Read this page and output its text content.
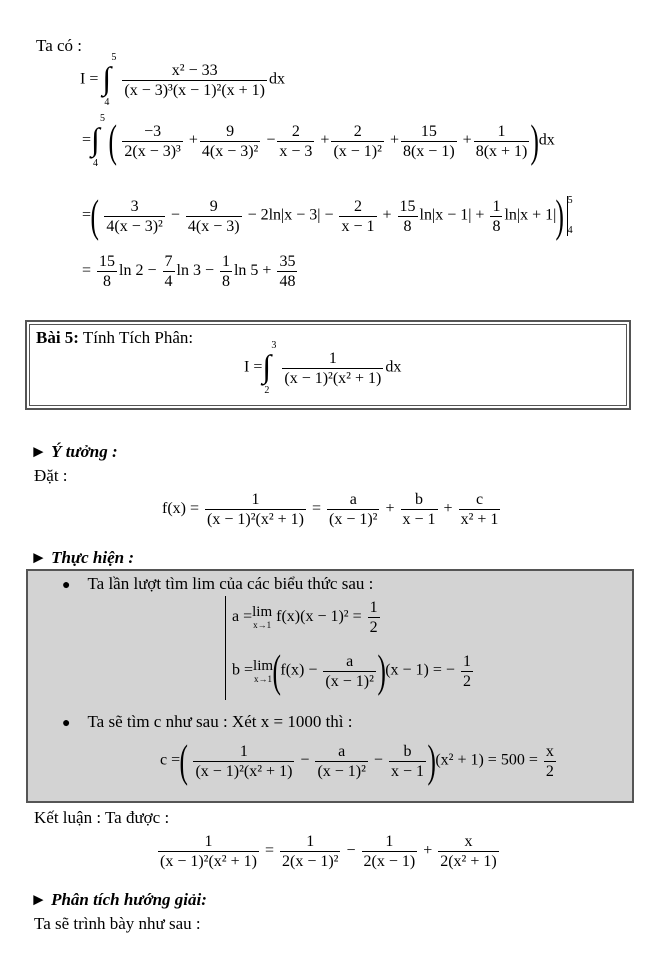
Ta có :
I = ∫
5
4
$\frac{\text{x² − 33}}{\text{(x − 3)³(x − 1)²(x + 1)}}$ dx
= ∫
5
4 ( $\frac{-3}{\text{2(x − 3)³}} + \frac{9}{\text{4(x − 3)²}} - \frac{2}{x - 3} + \frac{2}{\text{(x − 1)²}} + \frac{15}{8(x - 1)} + \frac{1}{8(x + 1)} )dx$
=( $\frac{3}{\text{4(x − 3)²}} - \frac{9}{4(x - 3)} - 2\ln|x - 3| - \frac{2}{x - 1} + \frac{15}{8} \ln|x - 1| + \frac{1}{8} \ln|x + 1|$) 5
4
= $\frac{15}{8}$ $\ln 2 - \frac{7}{4}$ $\ln 3 - \frac{1}{8}$ $\ln 5 + \frac{35}{48}$
Bài 5: Tính Tích Phân:
I = ∫
3
2
$\frac{1}{\text{(x − 1)²(x² + 1)}}$ dx
► Ý tưởng :
Đặt :
$f(x) = \frac{1}{\text{(x − 1)²(x² + 1)}} = \frac{a}{\text{(x − 1)²}} + \frac{b}{x - 1} + \frac{c}{\text{x² + 1}}$
► Thực hiện :
● Ta lần lượt tìm lim của các biểu thức sau :
a =lim
x→1 $f(x)(x - 1)^2 = \frac{1}{2}$
b =lim
x→1 $(f(x) - \frac{a}{\text{(x − 1)²}} )(x - 1)$ = − $\frac{1}{2}$
● Ta sẽ tìm c như sau : Xét x = 1000 thì :
c =( $\frac{1}{\text{(x − 1)²(x² + 1)}} - \frac{a}{\text{(x − 1)²}} - \frac{b}{x - 1} )(x^2 + 1) = 500 = \frac{x}{2}$
Kết luận : Ta được :
$\frac{1}{\text{(x − 1)²(x² + 1)}} = \frac{1}{\text{2(x − 1)²}} - \frac{1}{2(x - 1)} + \frac{x}{\text{2(x² + 1)}}$
► Phân tích hướng giải:
Ta sẽ trình bày như sau :
